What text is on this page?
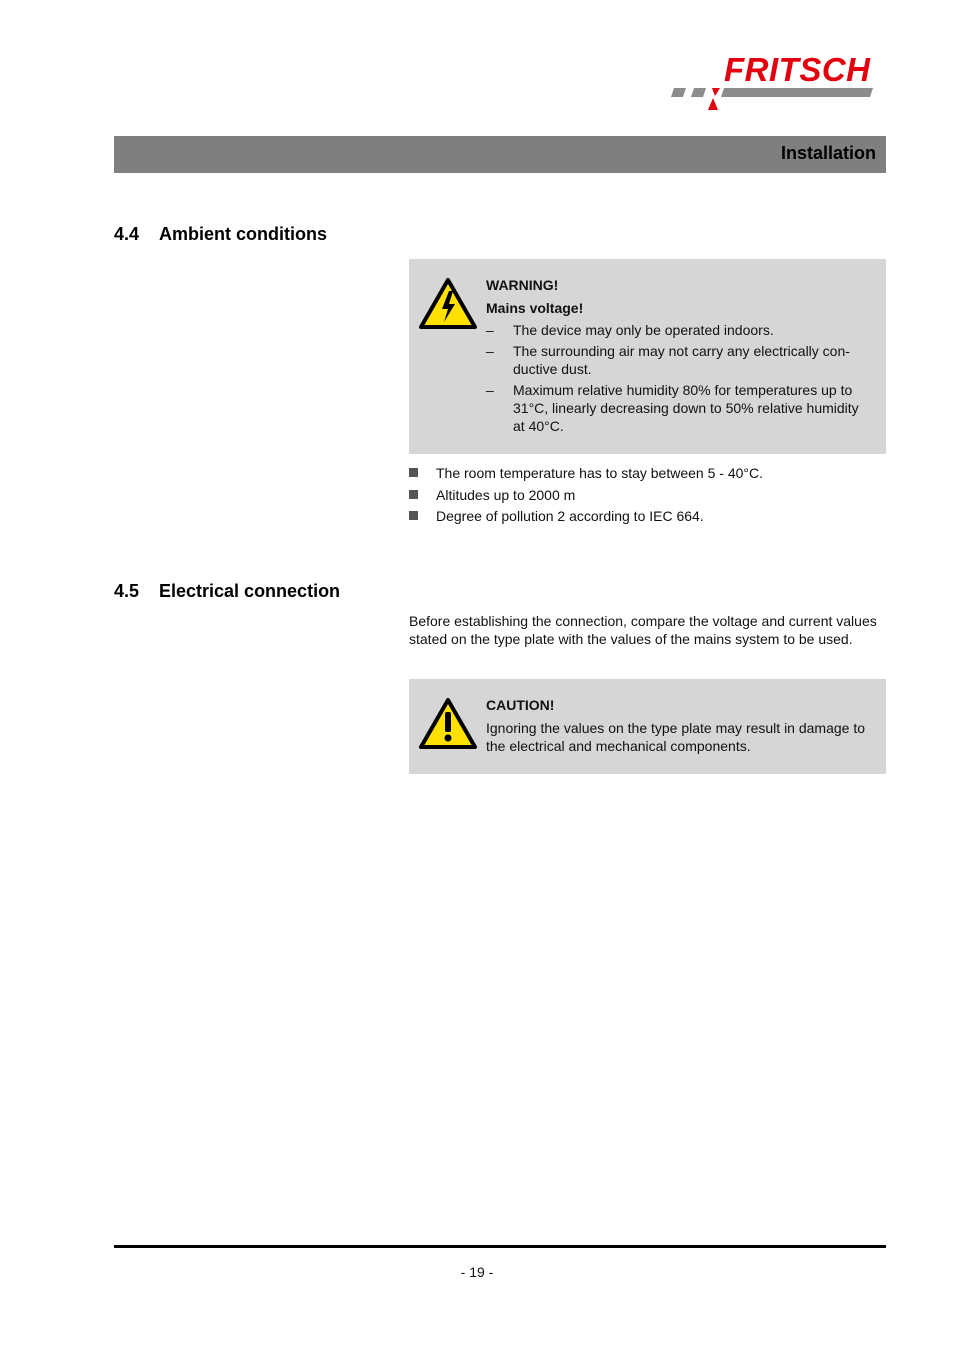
FRITSCH
Installation
4.4 Ambient conditions
WARNING!
Mains voltage!
– The device may only be operated indoors.
– The surrounding air may not carry any electrically con-ductive dust.
– Maximum relative humidity 80% for temperatures up to 31°C, linearly decreasing down to 50% relative humidity at 40°C.
The room temperature has to stay between 5 - 40°C.
Altitudes up to 2000 m
Degree of pollution 2 according to IEC 664.
4.5 Electrical connection
Before establishing the connection, compare the voltage and current values stated on the type plate with the values of the mains system to be used.
CAUTION!
Ignoring the values on the type plate may result in damage to the electrical and mechanical components.
- 19 -
